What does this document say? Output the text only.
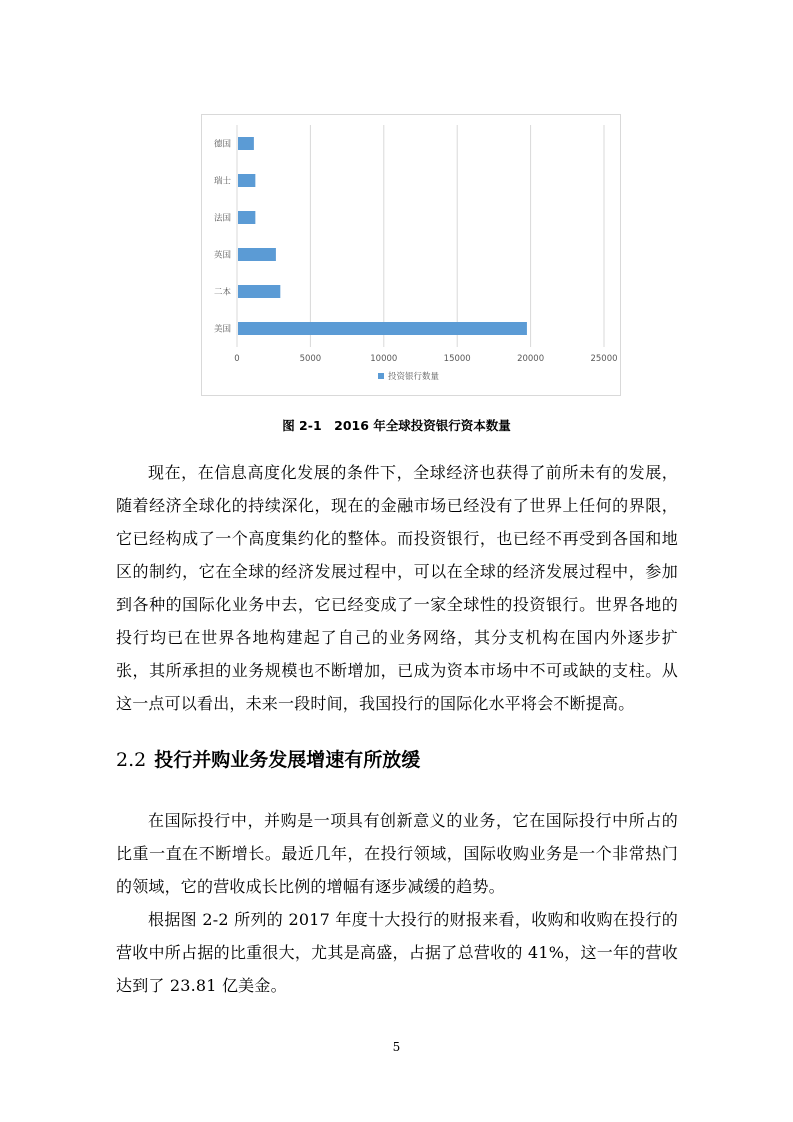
0	5000	10000	15000	20000	25000
德国
瑞士
法国
英国
二本
美国
投资银行数量
图 2-1　2016 年全球投资银行资本数量
现在，在信息高度化发展的条件下，全球经济也获得了前所未有的发展，随着经济全球化的持续深化，现在的金融市场已经没有了世界上任何的界限，它已经构成了一个高度集约化的整体。而投资银行，也已经不再受到各国和地区的制约，它在全球的经济发展过程中，可以在全球的经济发展过程中，参加到各种的国际化业务中去，它已经变成了一家全球性的投资银行。世界各地的投行均已在世界各地构建起了自己的业务网络，其分支机构在国内外逐步扩张，其所承担的业务规模也不断增加，已成为资本市场中不可或缺的支柱。从这一点可以看出，未来一段时间，我国投行的国际化水平将会不断提高。
2.2 投行并购业务发展增速有所放缓
在国际投行中，并购是一项具有创新意义的业务，它在国际投行中所占的比重一直在不断增长。最近几年，在投行领域，国际收购业务是一个非常热门的领域，它的营收成长比例的增幅有逐步减缓的趋势。
根据图 2-2 所列的 2017 年度十大投行的财报来看，收购和收购在投行的营收中所占据的比重很大，尤其是高盛，占据了总营收的 41%，这一年的营收达到了 23.81 亿美金。
5
